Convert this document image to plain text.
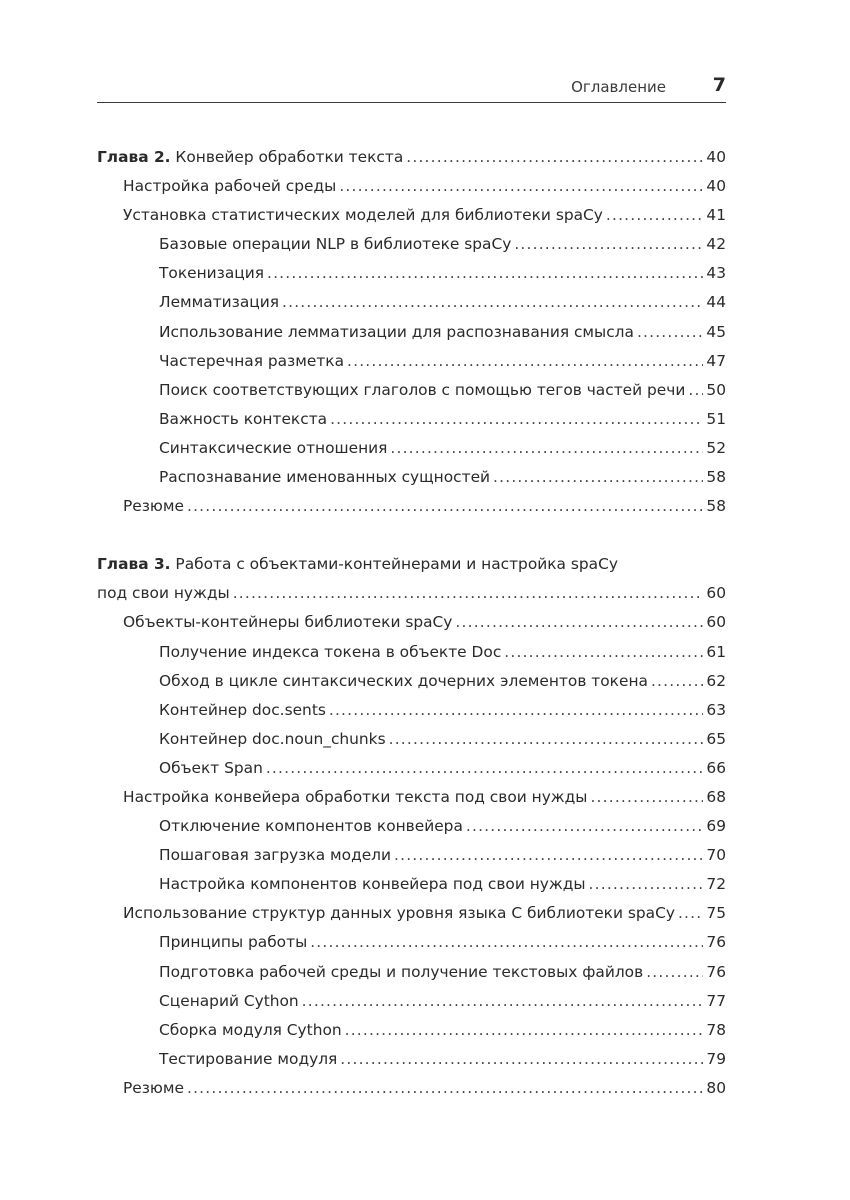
Оглавление 7
Глава 2. Конвейер обработки текста .....	40
Настройка рабочей среды .....	40
Установка статистических моделей для библиотеки spaCy .....	41
Базовые операции NLP в библиотеке spaCy .....	42
Токенизация .....	43
Лемматизация .....	44
Использование лемматизации для распознавания смысла .....	45
Частеречная разметка .....	47
Поиск соответствующих глаголов с помощью тегов частей речи ..... 50
Важность контекста .....	51
Синтаксические отношения .....	52
Распознавание именованных сущностей .....	58
Резюме .....	58
Глава 3. Работа с объектами-контейнерами и настройка spaCy
под свои нужды .....	60
Объекты-контейнеры библиотеки spaCy .....	60
Получение индекса токена в объекте Doc .....	61
Обход в цикле синтаксических дочерних элементов токена .....	62
Контейнер doc.sents .....	63
Контейнер doc.noun_chunks .....	65
Объект Span .....	66
Настройка конвейера обработки текста под свои нужды .....	68
Отключение компонентов конвейера .....	69
Пошаговая загрузка модели .....	70
Настройка компонентов конвейера под свои нужды .....	72
Использование структур данных уровня языка C библиотеки spaCy ..... 75
Принципы работы .....	76
Подготовка рабочей среды и получение текстовых файлов .....	76
Сценарий Cython .....	77
Сборка модуля Cython .....	78
Тестирование модуля .....	79
Резюме .....	80
